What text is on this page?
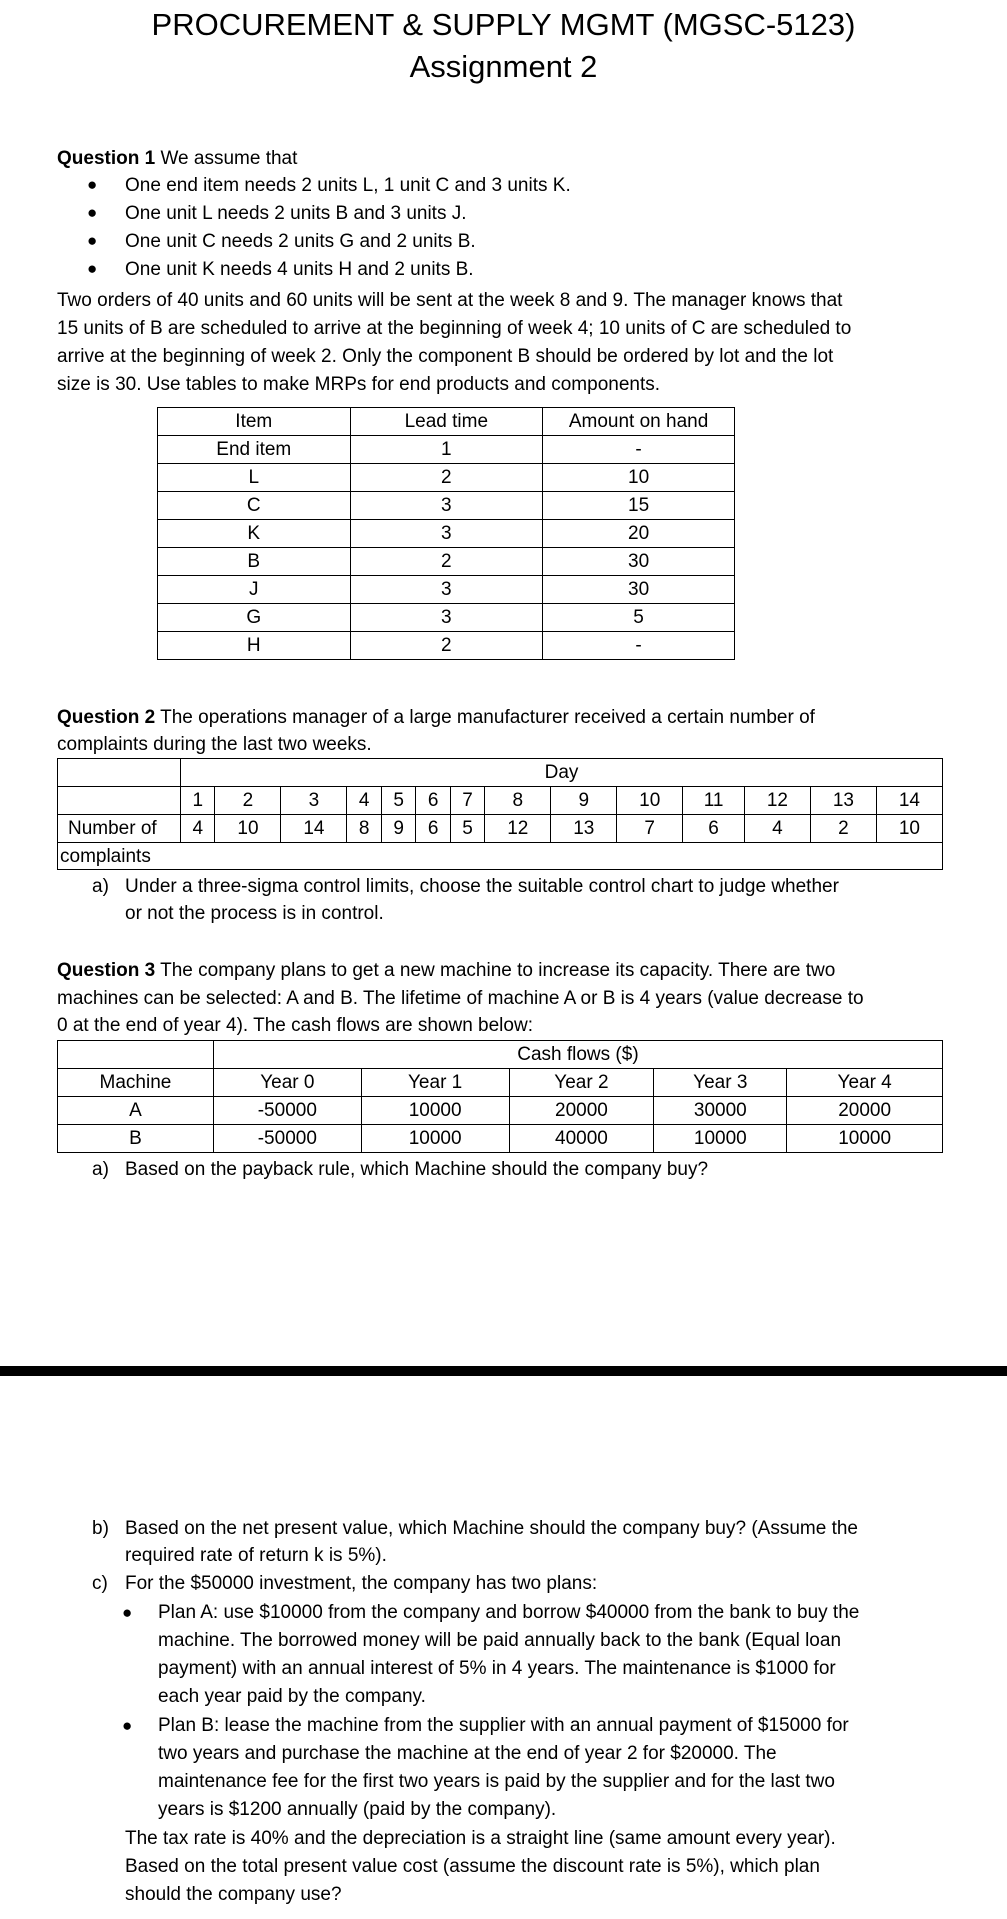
PROCUREMENT & SUPPLY MGMT (MGSC-5123)
Assignment 2

Question 1 We assume that

● One end item needs 2 units L, 1 unit C and 3 units K.

● One unit L needs 2 units B and 3 units J.

● One unit C needs 2 units G and 2 units B.

● One unit K needs 4 units H and 2 units B.

Two orders of 40 units and 60 units will be sent at the week 8 and 9. The manager knows that

15 units of B are scheduled to arrive at the beginning of week 4; 10 units of C are scheduled to

arrive at the beginning of week 2. Only the component B should be ordered by lot and the lot

size is 30. Use tables to make MRPs for end products and components.

Item	Lead time	Amount on hand
End item	1	-
L	2	10
C	3	15
K	3	20
B	2	30
J	3	30
G	3	5
H	2	-

Question 2 The operations manager of a large manufacturer received a certain number of

complaints during the last two weeks.

	Day													
	1	2	3	4	5	6	7	8	9	10	11	12	13	14
Number of	4	10	14	8	9	6	5	12	13	7	6	4	2	10
complaints

a) Under a three-sigma control limits, choose the suitable control chart to judge whether

or not the process is in control.

Question 3 The company plans to get a new machine to increase its capacity. There are two

machines can be selected: A and B. The lifetime of machine A or B is 4 years (value decrease to

0 at the end of year 4). The cash flows are shown below:

	Cash flows ($)				
Machine	Year 0	Year 1	Year 2	Year 3	Year 4
A	-50000	10000	20000	30000	20000
B	-50000	10000	40000	10000	10000

a) Based on the payback rule, which Machine should the company buy?

b) Based on the net present value, which Machine should the company buy? (Assume the

required rate of return k is 5%).

c) For the $50000 investment, the company has two plans:

● Plan A: use $10000 from the company and borrow $40000 from the bank to buy the

machine. The borrowed money will be paid annually back to the bank (Equal loan

payment) with an annual interest of 5% in 4 years. The maintenance is $1000 for

each year paid by the company.

● Plan B: lease the machine from the supplier with an annual payment of $15000 for

two years and purchase the machine at the end of year 2 for $20000. The

maintenance fee for the first two years is paid by the supplier and for the last two

years is $1200 annually (paid by the company).

The tax rate is 40% and the depreciation is a straight line (same amount every year).

Based on the total present value cost (assume the discount rate is 5%), which plan

should the company use?
